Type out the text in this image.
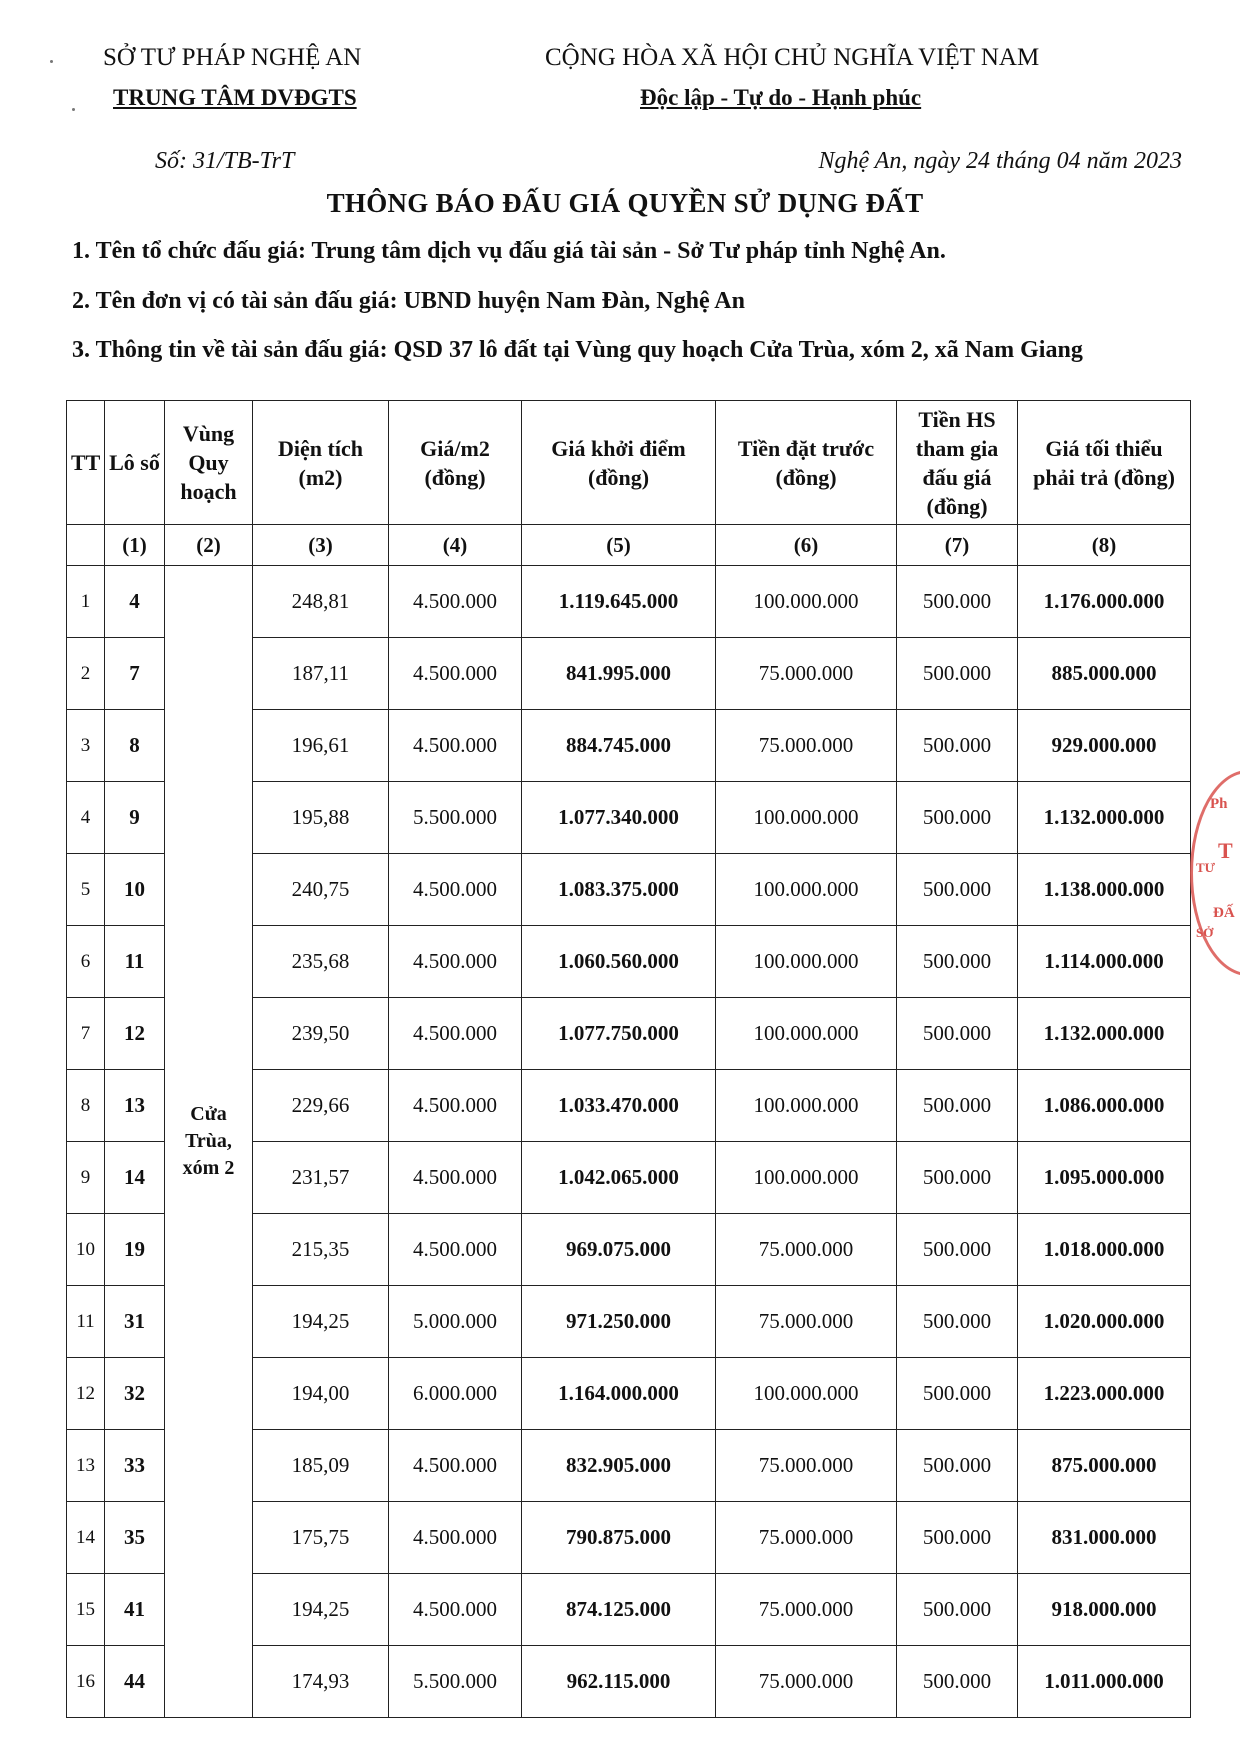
SỞ TƯ PHÁP NGHỆ AN
TRUNG TÂM DVĐGTS
CỘNG HÒA XÃ HỘI CHỦ NGHĨA VIỆT NAM
Độc lập - Tự do - Hạnh phúc
Số: 31/TB-TrT	Nghệ An, ngày 24 tháng 04 năm 2023
THÔNG BÁO ĐẤU GIÁ QUYỀN SỬ DỤNG ĐẤT
1. Tên tổ chức đấu giá: Trung tâm dịch vụ đấu giá tài sản - Sở Tư pháp tỉnh Nghệ An.
2. Tên đơn vị có tài sản đấu giá: UBND huyện Nam Đàn, Nghệ An
3. Thông tin về tài sản đấu giá: QSD 37 lô đất tại Vùng quy hoạch Cửa Trùa, xóm 2, xã Nam Giang
TT	Lô số	Vùng Quy hoạch	Diện tích (m2)	Giá/m2 (đồng)	Giá khởi điểm (đồng)	Tiền đặt trước (đồng)	Tiền HS tham gia đấu giá (đồng)	Giá tối thiểu phải trả (đồng)
	(1)	(2)	(3)	(4)	(5)	(6)	(7)	(8)
1	4	Cửa Trùa, xóm 2	248,81	4.500.000	1.119.645.000	100.000.000	500.000	1.176.000.000
2	7		187,11	4.500.000	841.995.000	75.000.000	500.000	885.000.000
3	8		196,61	4.500.000	884.745.000	75.000.000	500.000	929.000.000
4	9		195,88	5.500.000	1.077.340.000	100.000.000	500.000	1.132.000.000
5	10		240,75	4.500.000	1.083.375.000	100.000.000	500.000	1.138.000.000
6	11		235,68	4.500.000	1.060.560.000	100.000.000	500.000	1.114.000.000
7	12		239,50	4.500.000	1.077.750.000	100.000.000	500.000	1.132.000.000
8	13		229,66	4.500.000	1.033.470.000	100.000.000	500.000	1.086.000.000
9	14		231,57	4.500.000	1.042.065.000	100.000.000	500.000	1.095.000.000
10	19		215,35	4.500.000	969.075.000	75.000.000	500.000	1.018.000.000
11	31		194,25	5.000.000	971.250.000	75.000.000	500.000	1.020.000.000
12	32		194,00	6.000.000	1.164.000.000	100.000.000	500.000	1.223.000.000
13	33		185,09	4.500.000	832.905.000	75.000.000	500.000	875.000.000
14	35		175,75	4.500.000	790.875.000	75.000.000	500.000	831.000.000
15	41		194,25	4.500.000	874.125.000	75.000.000	500.000	918.000.000
16	44		174,93	5.500.000	962.115.000	75.000.000	500.000	1.011.000.000
Ph
T
ĐẤ
TƯ
SỞ
